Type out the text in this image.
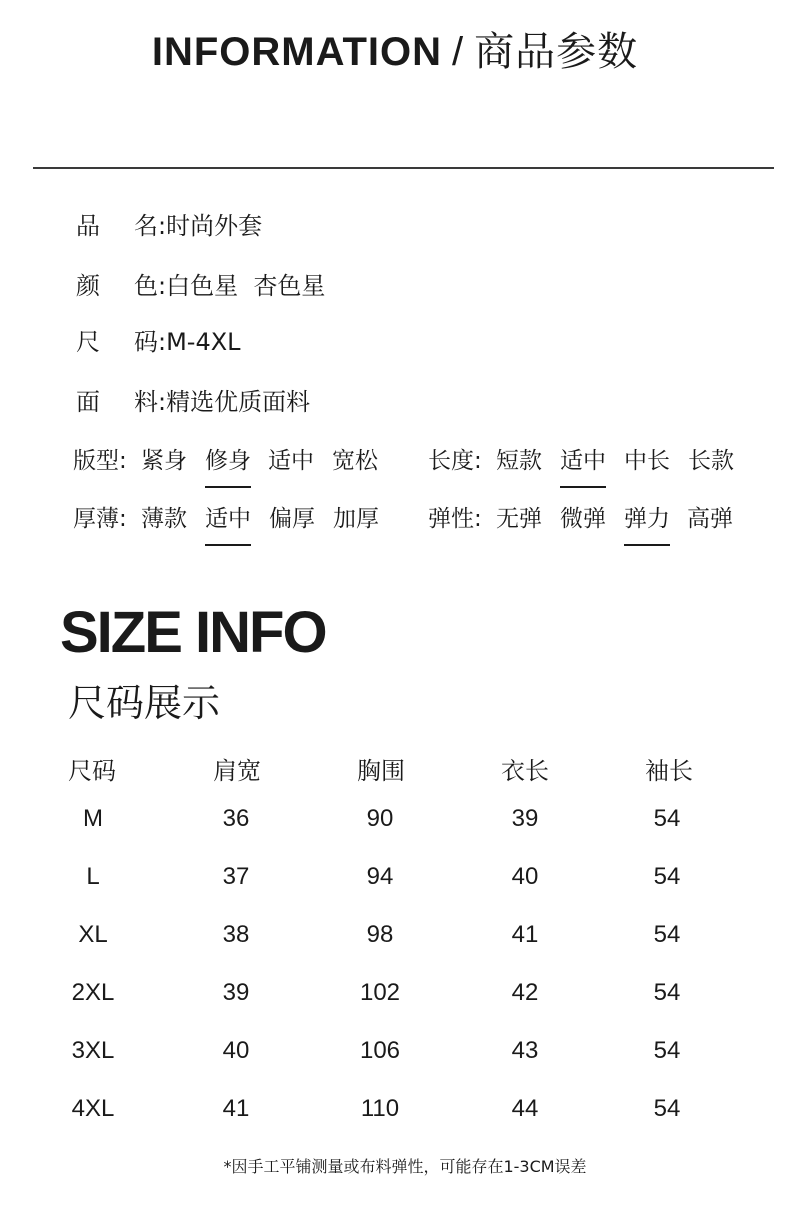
INFORMATION / 商品参数
品 名:时尚外套
颜 色:白色星  杏色星
尺 码:M-4XL
面 料:精选优质面料
版型: 紧身 修身 适中 宽松 长度: 短款 适中 中长 长款
厚薄: 薄款 适中 偏厚 加厚 弹性: 无弹 微弹 弹力 高弹
SIZE INFO
尺码展示
尺码	肩宽	胸围	衣长	袖长
M	36	90	39	54
L	37	94	40	54
XL	38	98	41	54
2XL	39	102	42	54
3XL	40	106	43	54
4XL	41	110	44	54
*因手工平铺测量或布料弹性，可能存在1-3CM误差
